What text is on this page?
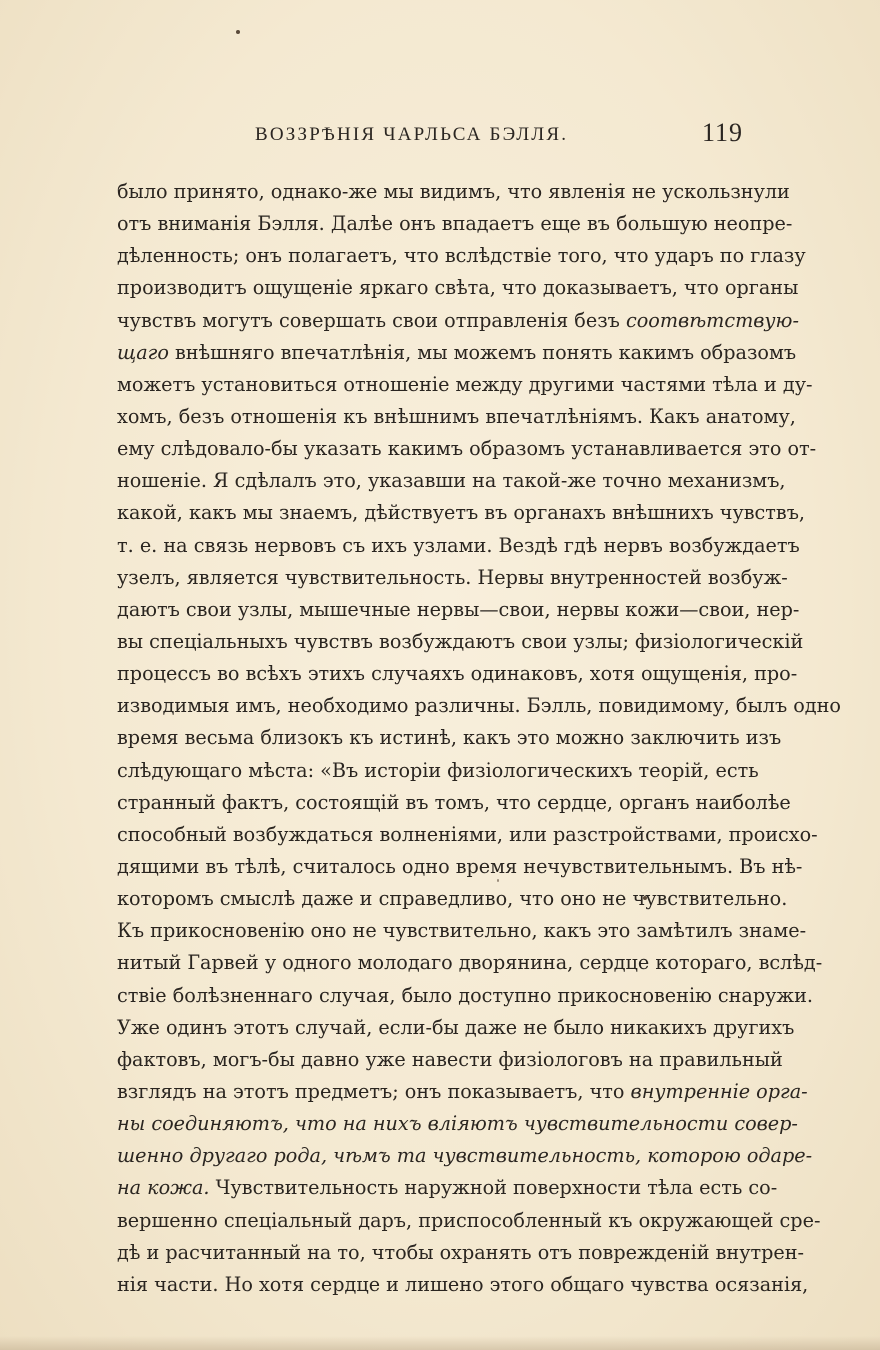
ВОЗЗРѢНІЯ ЧАРЛЬСА БЭЛЛЯ.	119
было принято, однако-же мы видимъ, что явленія не ускользнули
отъ вниманія Бэлля. Далѣе онъ впадаетъ еще въ большую неопре-
дѣленность; онъ полагаетъ, что вслѣдствіе того, что ударъ по глазу
производитъ ощущеніе яркаго свѣта, что доказываетъ, что органы
чувствъ могутъ совершать свои отправленія безъ соотвѣтствую-
щаго внѣшняго впечатлѣнія, мы можемъ понять какимъ образомъ
можетъ установиться отношеніе между другими частями тѣла и ду-
хомъ, безъ отношенія къ внѣшнимъ впечатлѣніямъ. Какъ анатому,
ему слѣдовало-бы указать какимъ образомъ устанавливается это от-
ношеніе. Я сдѣлалъ это, указавши на такой-же точно механизмъ,
какой, какъ мы знаемъ, дѣйствуетъ въ органахъ внѣшнихъ чувствъ,
т. е. на связь нервовъ съ ихъ узлами. Вездѣ гдѣ нервъ возбуждаетъ
узелъ, является чувствительность. Нервы внутренностей возбуж-
даютъ свои узлы, мышечные нервы—свои, нервы кожи—свои, нер-
вы спеціальныхъ чувствъ возбуждаютъ свои узлы; физіологическій
процессъ во всѣхъ этихъ случаяхъ одинаковъ, хотя ощущенія, про-
изводимыя имъ, необходимо различны. Бэлль, повидимому, былъ одно
время весьма близокъ къ истинѣ, какъ это можно заключить изъ
слѣдующаго мѣста: «Въ исторіи физіологическихъ теорій, есть
странный фактъ, состоящій въ томъ, что сердце, органъ наиболѣе
способный возбуждаться волненіями, или разстройствами, происхо-
дящими въ тѣлѣ, считалось одно время нечувствительнымъ. Въ нѣ-
которомъ смыслѣ даже и справедливо, что оно не чувствительно.
Къ прикосновенію оно не чувствительно, какъ это замѣтилъ знаме-
нитый Гарвей у одного молодаго дворянина, сердце котораго, вслѣд-
ствіе болѣзненнаго случая, было доступно прикосновенію снаружи.
Уже одинъ этотъ случай, если-бы даже не было никакихъ другихъ
фактовъ, могъ-бы давно уже навести физіологовъ на правильный
взглядъ на этотъ предметъ; онъ показываетъ, что внутренніе орга-
ны соединяютъ, что на нихъ вліяютъ чувствительности совер-
шенно другаго рода, чѣмъ та чувствительность, которою одаре-
на кожа. Чувствительность наружной поверхности тѣла есть со-
вершенно спеціальный даръ, приспособленный къ окружающей сре-
дѣ и расчитанный на то, чтобы охранять отъ поврежденій внутрен-
нія части. Но хотя сердце и лишено этого общаго чувства осязанія,
